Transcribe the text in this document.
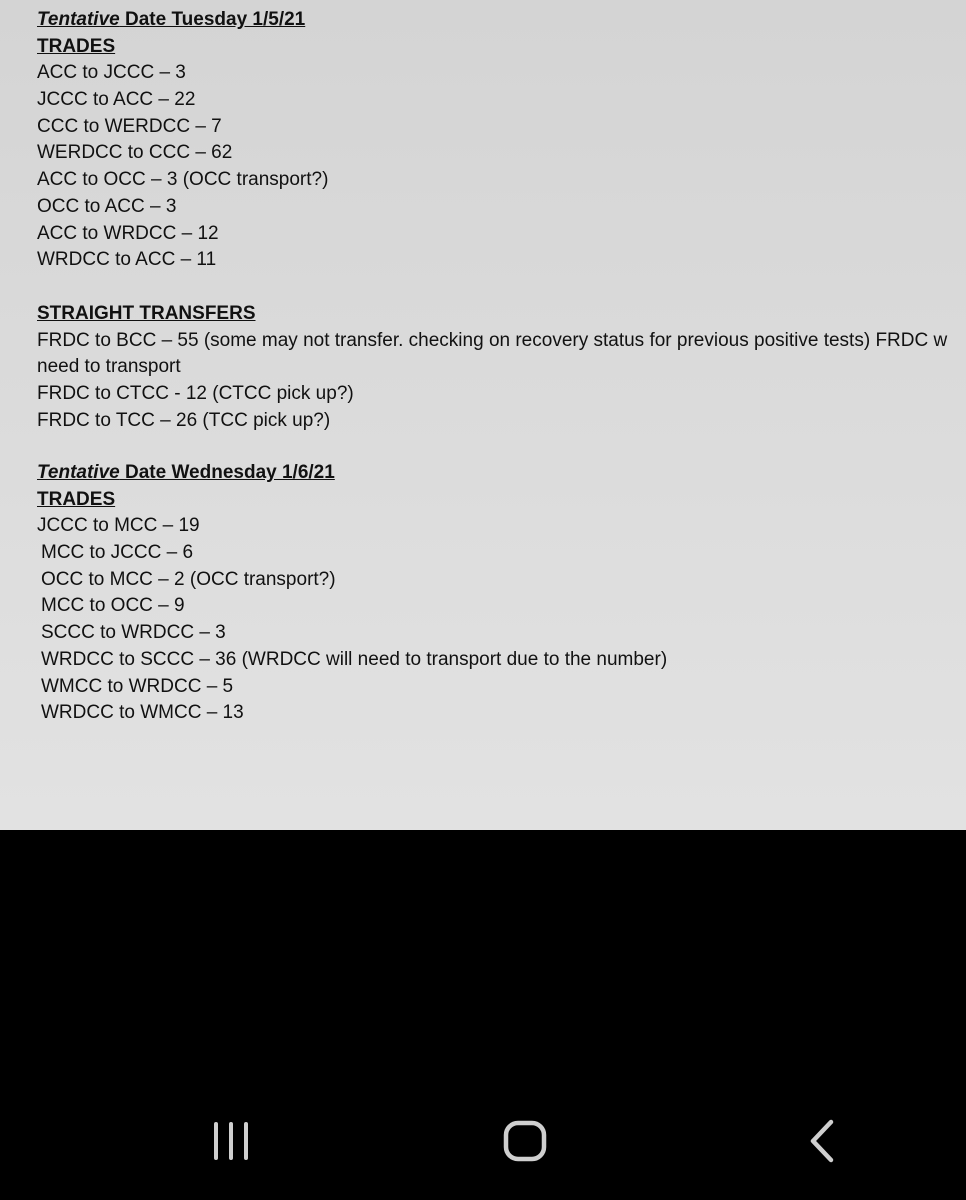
Tentative Date Tuesday 1/5/21
TRADES
ACC to JCCC – 3
JCCC to ACC – 22
CCC to WERDCC – 7
WERDCC to CCC – 62
ACC to OCC – 3 (OCC transport?)
OCC to ACC – 3
ACC to WRDCC – 12
WRDCC to ACC – 11
STRAIGHT TRANSFERS
FRDC to BCC – 55 (some may not transfer. checking on recovery status for previous positive tests) FRDC w need to transport
FRDC to CTCC - 12 (CTCC pick up?)
FRDC to TCC – 26 (TCC pick up?)
Tentative Date Wednesday 1/6/21
TRADES
JCCC to MCC – 19
MCC to JCCC – 6
OCC to MCC – 2 (OCC transport?)
MCC to OCC – 9
SCCC to WRDCC – 3
WRDCC to SCCC – 36 (WRDCC will need to transport due to the number)
WMCC to WRDCC – 5
WRDCC to WMCC – 13
